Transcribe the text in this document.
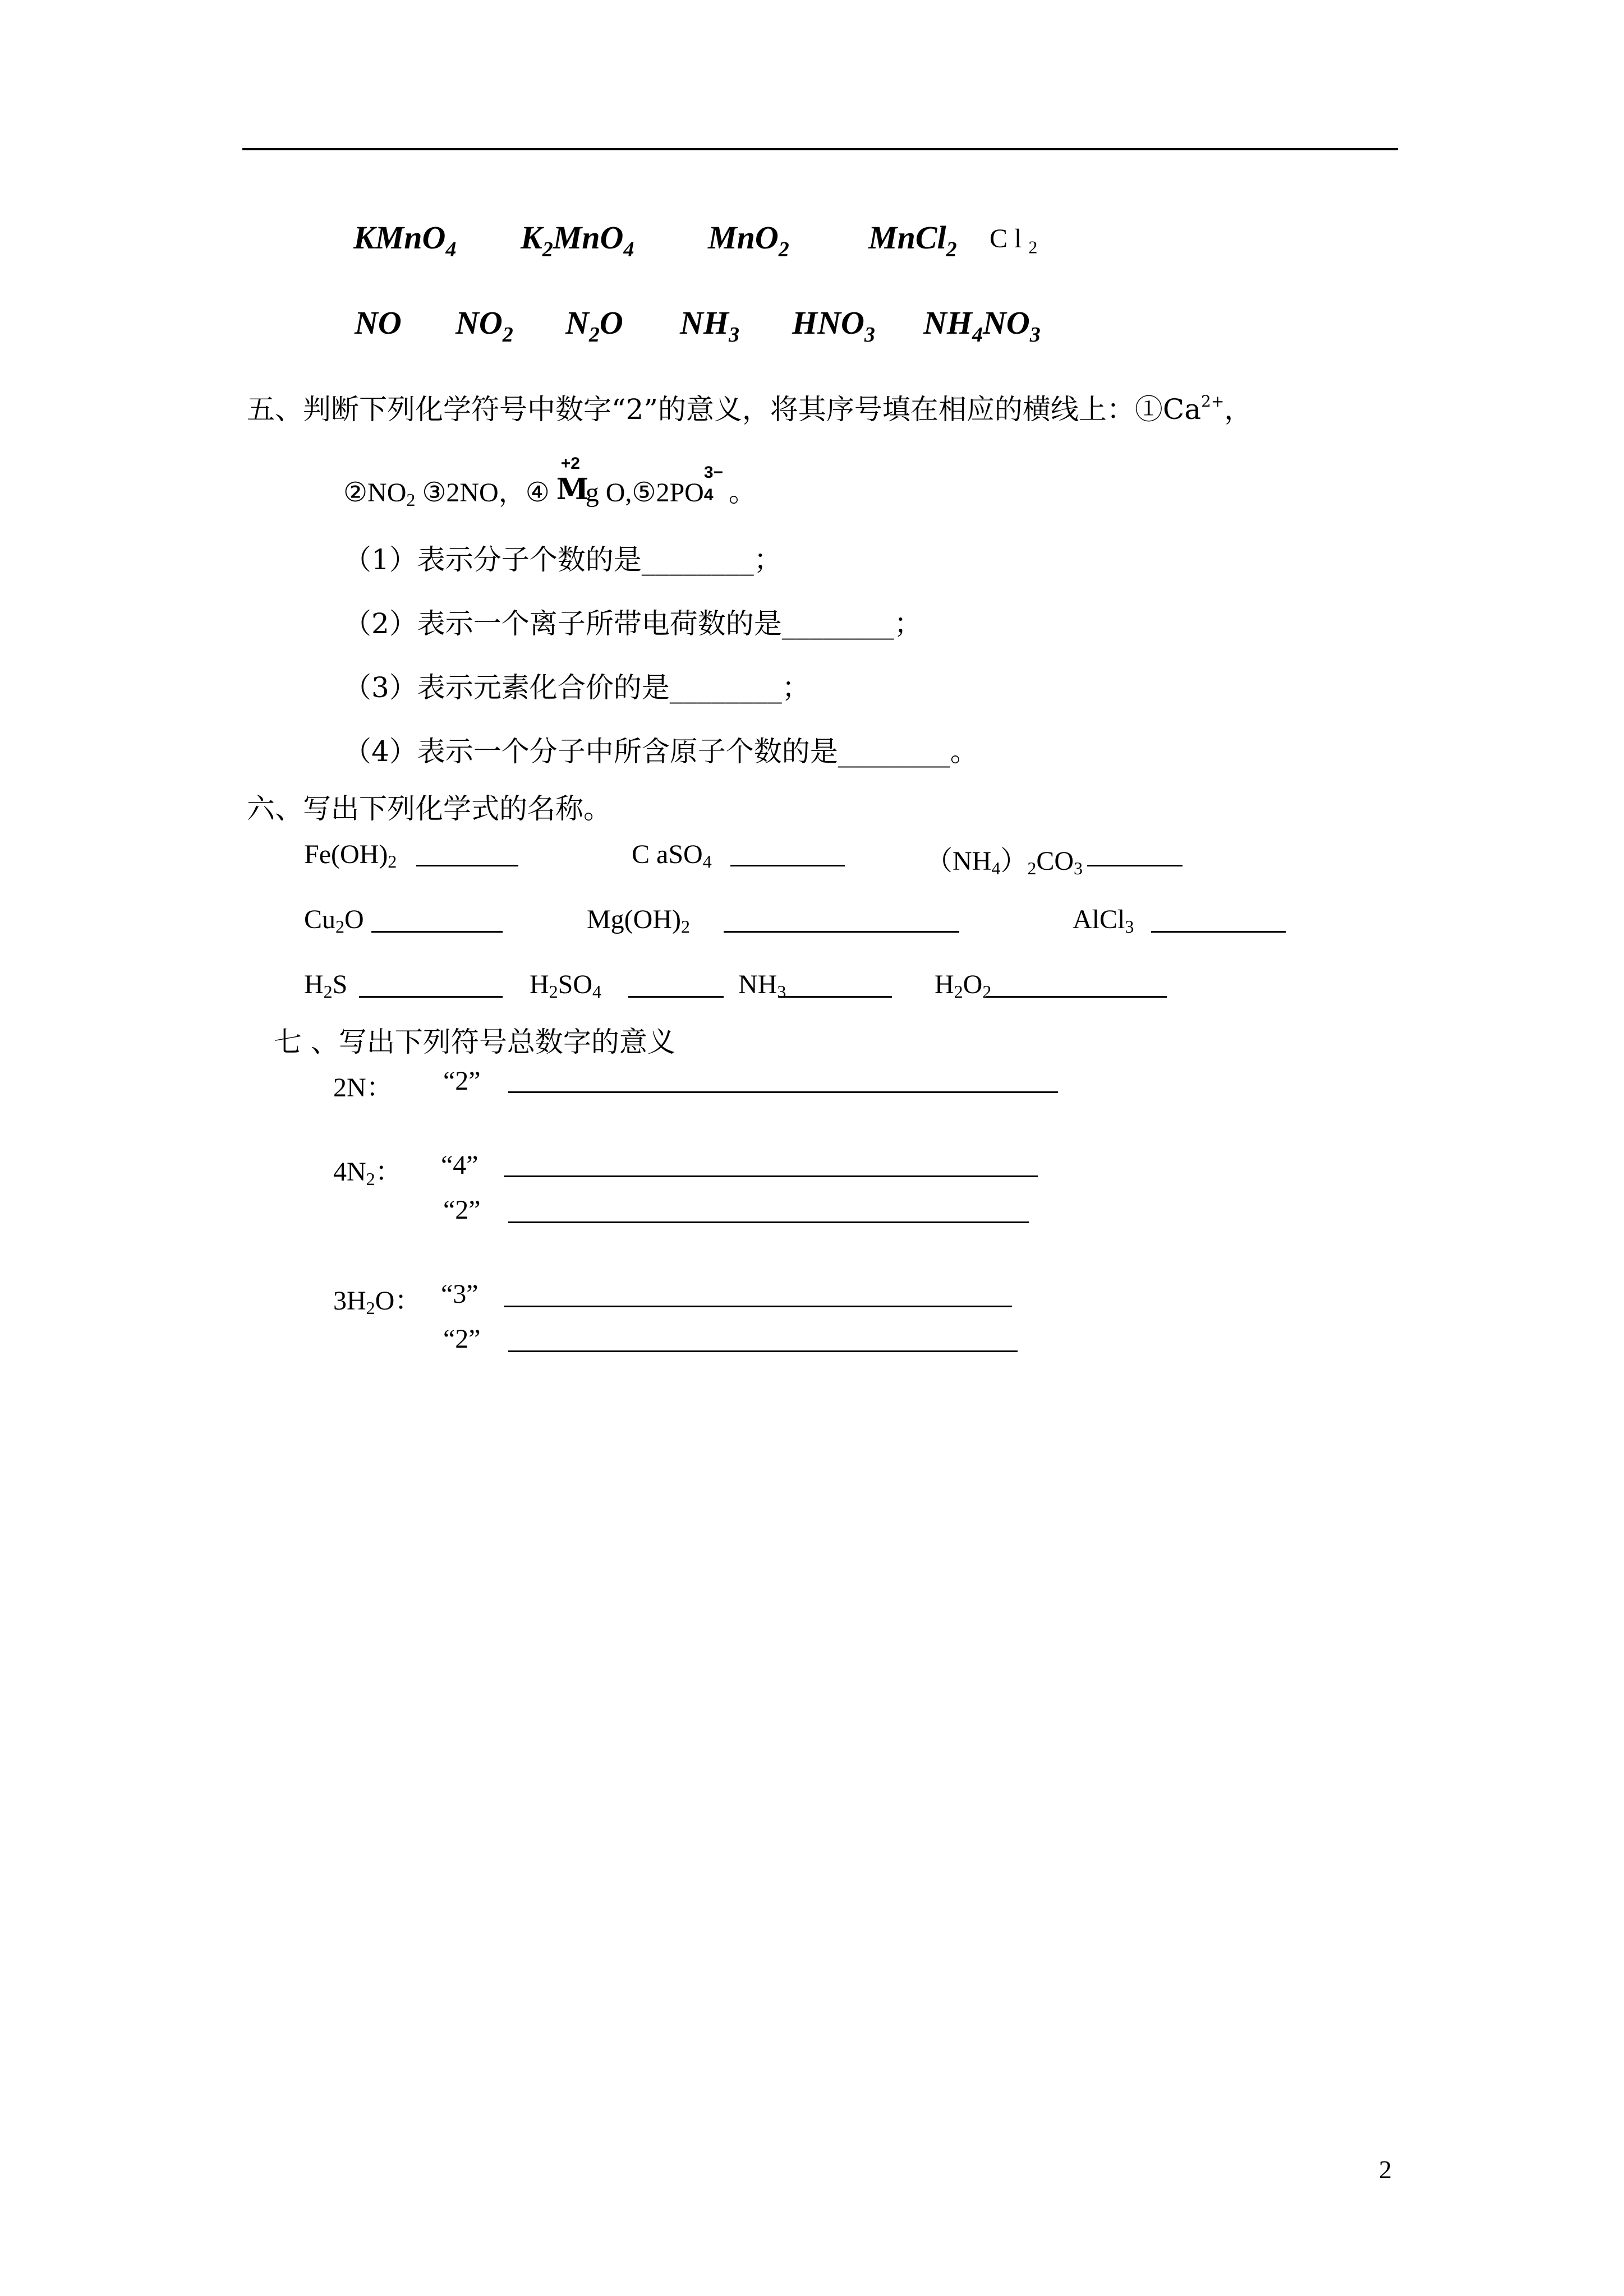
KMnO$_4$ $K_2MnO_4$ MnO$_2$ MnCl$_2$ $Cl_2$
NO $NO_2$ $N_2O$ $NH_3$ $HNO_3$ $NH_4NO_3$
五、判断下列化学符号中数字“2”的意义，将其序号填在相应的横线上：$①Ca^{2+}$，
$②NO_2$ ③2NO，④
+2
M
g O,⑤2PO
3−
4 。
（1）表示分子个数的是________；
（2）表示一个离子所带电荷数的是________；
（3）表示元素化合价的是________；
（4）表示一个分子中所含原子个数的是________。
六、写出下列化学式的名称。
$Fe(OH)_2$	C aSO$_4$	$(NH_4)_2CO_3$
$Cu_2O$	$Mg(OH)_2$	AlCl$_3$
$H_2S$	$H_2SO_4$	$NH_3$	$H_2O_2$
七 、写出下列符号总数字的意义
2N： “2”
$4N_2$： “4”
“2”
$3H_2O$： “3”
“2”
2
